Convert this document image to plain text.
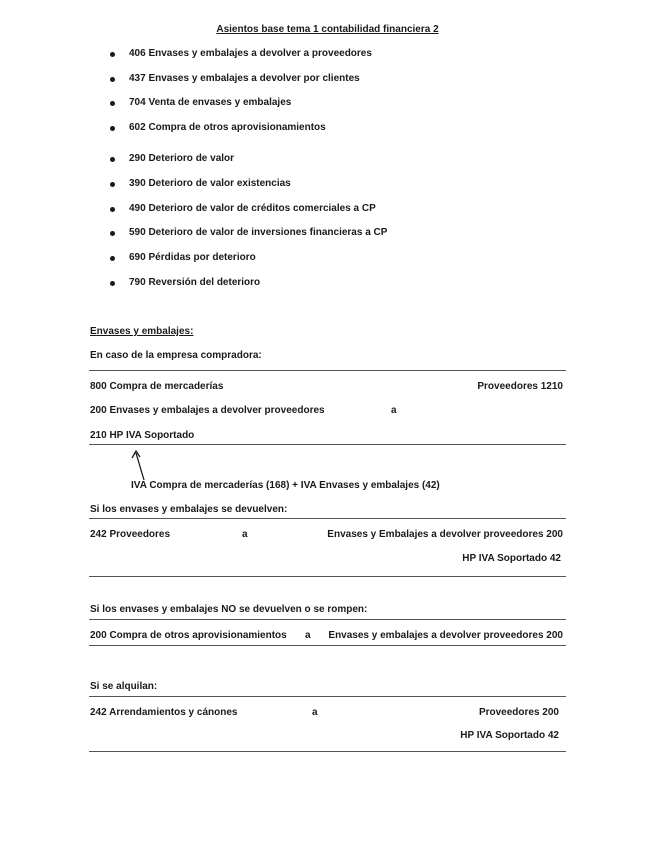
Asientos base tema 1 contabilidad financiera 2
406 Envases y embalajes a devolver a proveedores
437 Envases y embalajes a devolver por clientes
704 Venta de envases y embalajes
602 Compra de otros aprovisionamientos
290 Deterioro de valor
390 Deterioro de valor existencias
490 Deterioro de valor de créditos comerciales a CP
590 Deterioro de valor de inversiones financieras a CP
690 Pérdidas por deterioro
790 Reversión del deterioro
Envases y embalajes:
En caso de la empresa compradora:
800 Compra de mercaderías	Proveedores 1210
200 Envases y embalajes a devolver proveedores	a
210 HP IVA Soportado
IVA Compra de mercaderías (168) + IVA Envases y embalajes (42)
Si los envases y embalajes se devuelven:
242 Proveedores	a	Envases y Embalajes a devolver proveedores 200
HP IVA Soportado 42
Si los envases y embalajes NO se devuelven o se rompen:
200 Compra de otros aprovisionamientos a	Envases y embalajes a devolver proveedores 200
Si se alquilan:
242 Arrendamientos y cánones	a	Proveedores 200
HP IVA Soportado 42
